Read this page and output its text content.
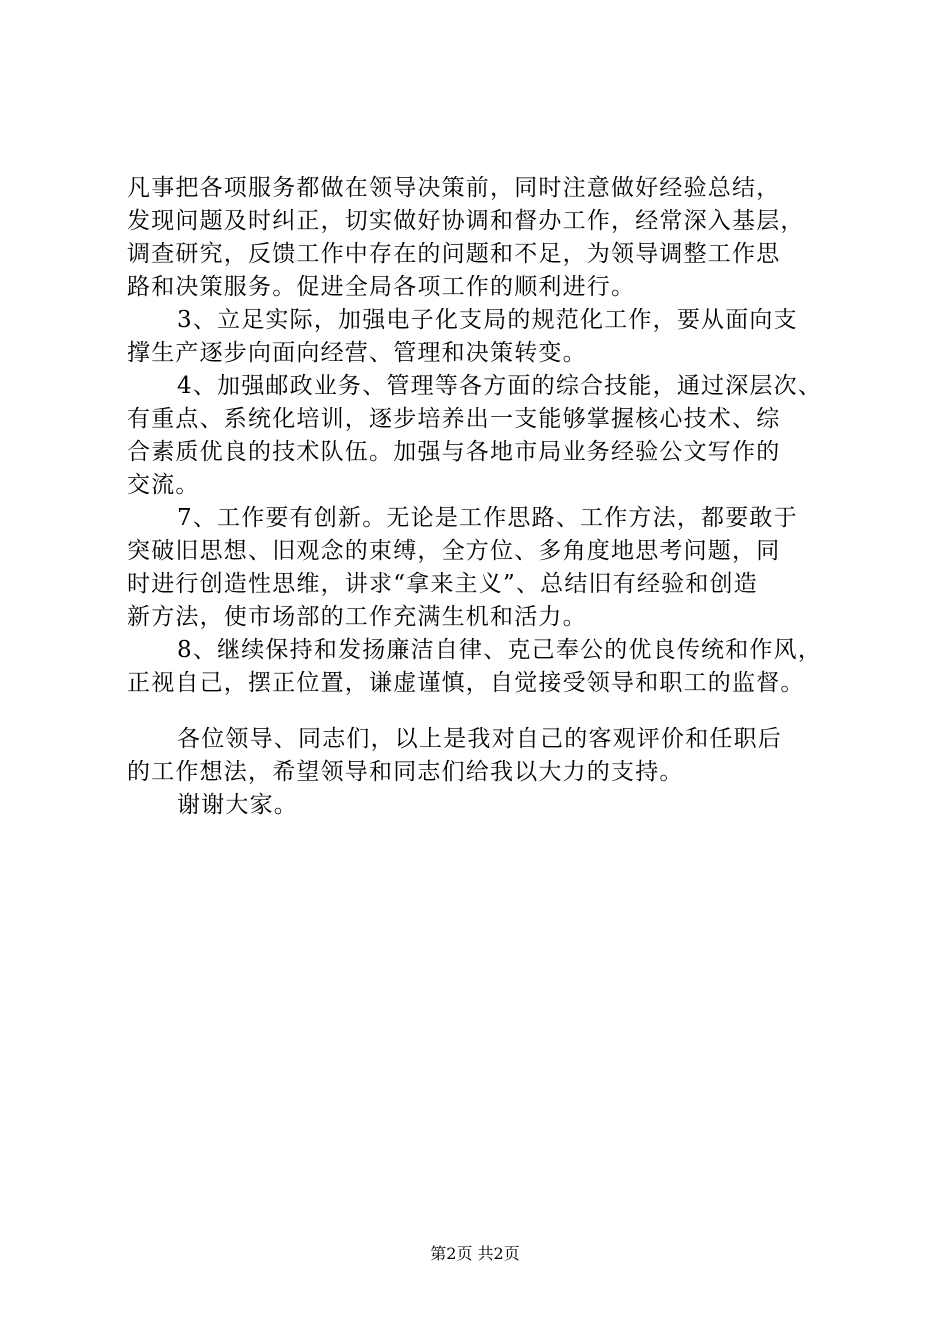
凡事把各项服务都做在领导决策前，同时注意做好经验总结，
发现问题及时纠正，切实做好协调和督办工作，经常深入基层，
调查研究，反馈工作中存在的问题和不足，为领导调整工作思
路和决策服务。促进全局各项工作的顺利进行。
3、立足实际，加强电子化支局的规范化工作，要从面向支
撑生产逐步向面向经营、管理和决策转变。
4、加强邮政业务、管理等各方面的综合技能，通过深层次、
有重点、系统化培训，逐步培养出一支能够掌握核心技术、综
合素质优良的技术队伍。加强与各地市局业务经验公文写作的
交流。
7、工作要有创新。无论是工作思路、工作方法，都要敢于
突破旧思想、旧观念的束缚，全方位、多角度地思考问题，同
时进行创造性思维，讲求“拿来主义”、总结旧有经验和创造
新方法，使市场部的工作充满生机和活力。
8、继续保持和发扬廉洁自律、克己奉公的优良传统和作风，
正视自己，摆正位置，谦虚谨慎，自觉接受领导和职工的监督。
各位领导、同志们，以上是我对自己的客观评价和任职后
的工作想法，希望领导和同志们给我以大力的支持。
谢谢大家。
第2页 共2页
